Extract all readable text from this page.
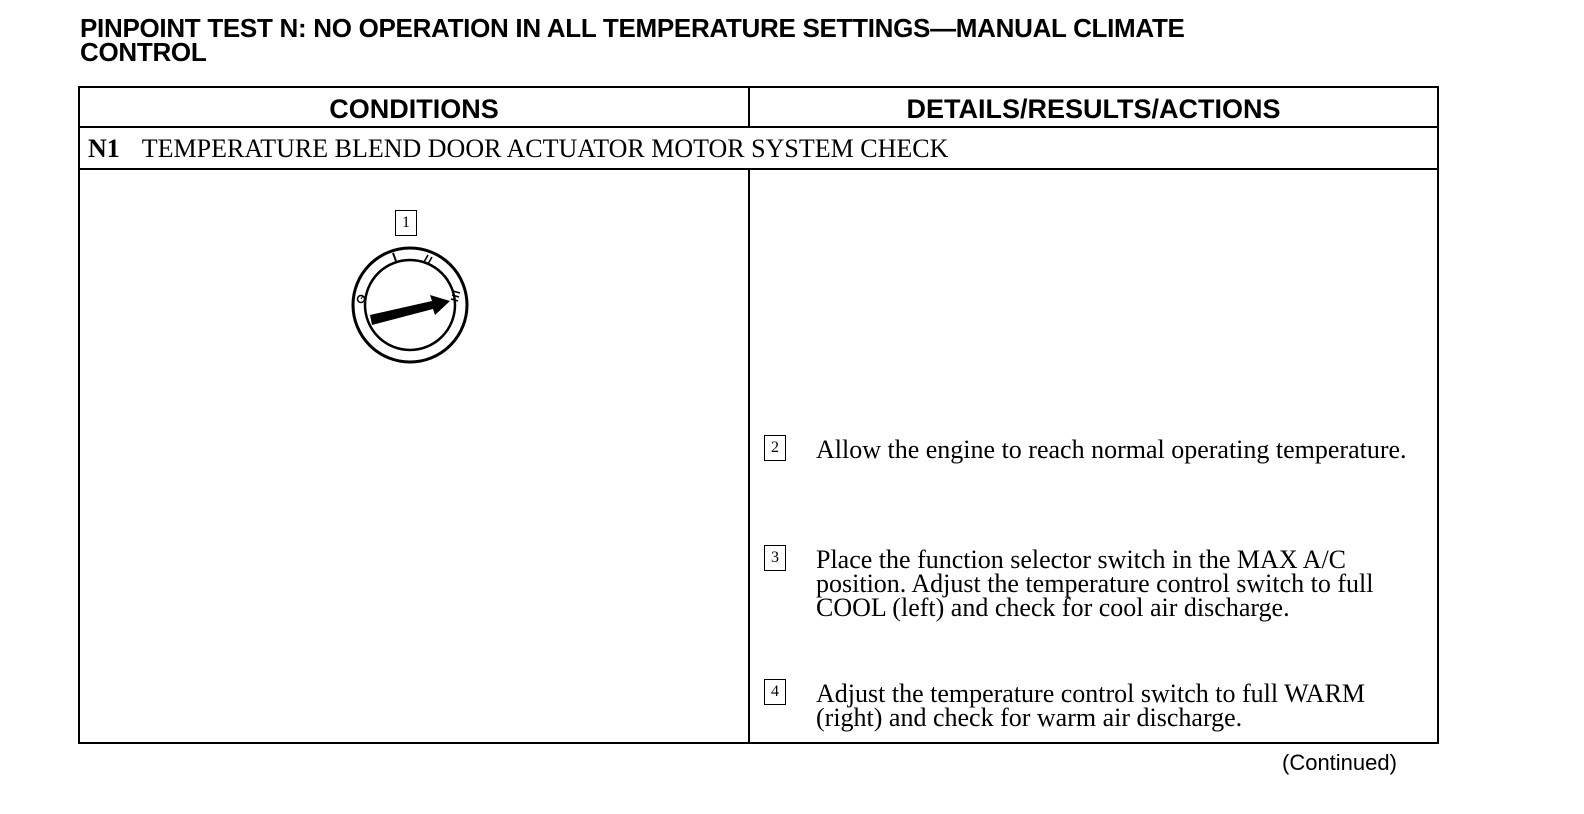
PINPOINT TEST N: NO OPERATION IN ALL TEMPERATURE SETTINGS—MANUAL CLIMATE
CONTROL
CONDITIONS	DETAILS/RESULTS/ACTIONS
N1 TEMPERATURE BLEND DOOR ACTUATOR MOTOR SYSTEM CHECK
1
2 Allow the engine to reach normal operating temperature.
3 Place the function selector switch in the MAX A/C position. Adjust the temperature control switch to full COOL (left) and check for cool air discharge.
4 Adjust the temperature control switch to full WARM (right) and check for warm air discharge.
(Continued)
